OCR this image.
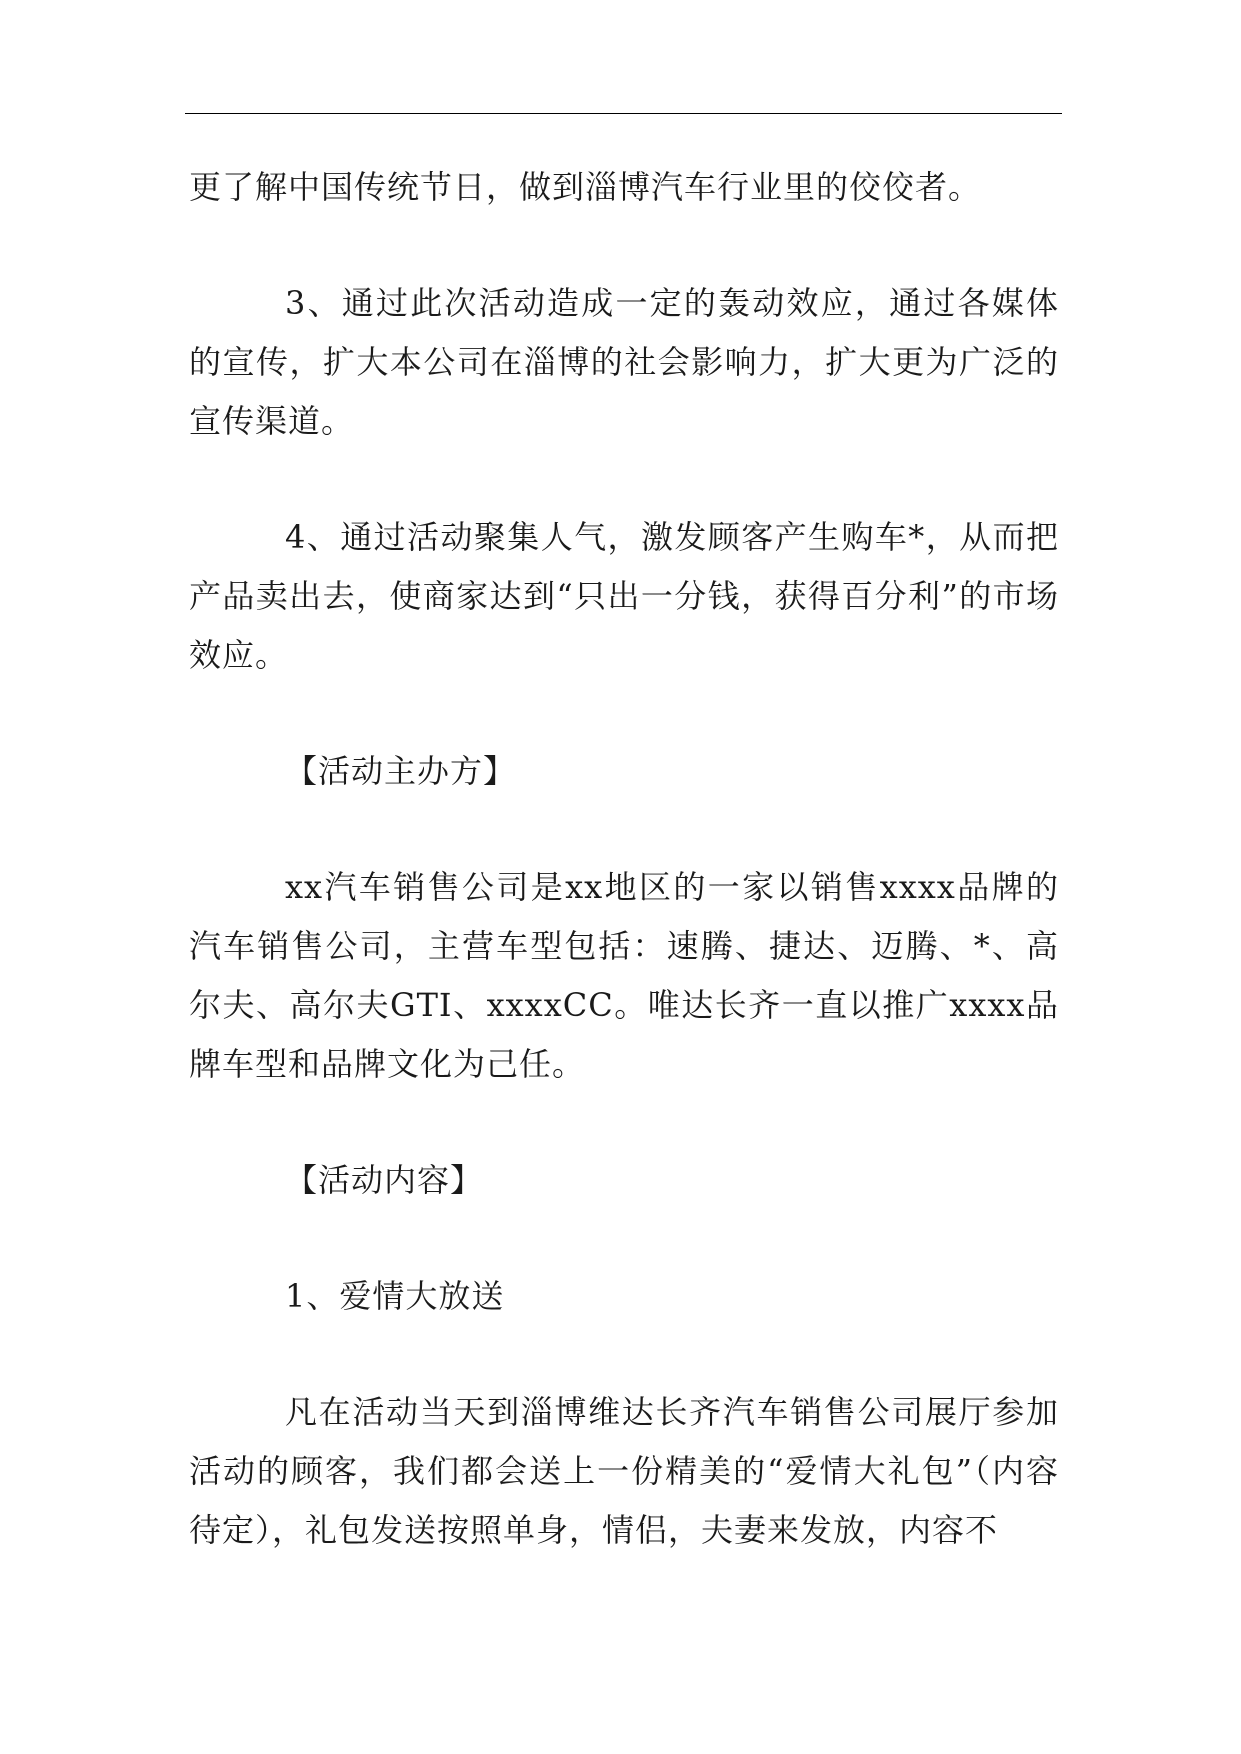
更了解中国传统节日，做到淄博汽车行业里的佼佼者。

3、通过此次活动造成一定的轰动效应，通过各媒体的宣传，扩大本公司在淄博的社会影响力，扩大更为广泛的宣传渠道。

4、通过活动聚集人气，激发顾客产生购车*，从而把产品卖出去，使商家达到“只出一分钱，获得百分利”的市场效应。

【活动主办方】

xx汽车销售公司是xx地区的一家以销售xxxx品牌的汽车销售公司，主营车型包括：速腾、捷达、迈腾、*、高尔夫、高尔夫GTI、xxxxCC。唯达长齐一直以推广xxxx品牌车型和品牌文化为己任。

【活动内容】

1、爱情大放送

凡在活动当天到淄博维达长齐汽车销售公司展厅参加活动的顾客，我们都会送上一份精美的“爱情大礼包”（内容待定），礼包发送按照单身，情侣，夫妻来发放，内容不
